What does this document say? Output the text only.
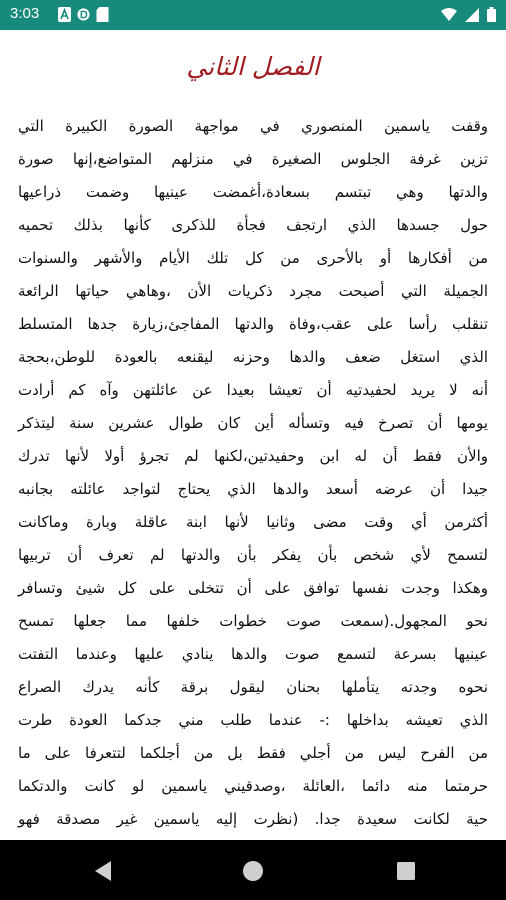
3:03
الفصل الثاني
وقفت ياسمين المنصوري في مواجهة الصورة الكبيرة التي
تزين غرفة الجلوس الصغيرة في منزلهم المتواضع،إنها صورة
والدتها وهي تبتسم بسعادة،أغمضت عينيها وضمت ذراعيها
حول جسدها الذي ارتجف فجأة للذكرى كأنها بذلك تحميه
من أفكارها أو بالأحرى من كل تلك الأيام والأشهر والسنوات
الجميلة التي أصبحت مجرد ذكريات الأن ،وهاهي حياتها الرائعة
تنقلب رأسا على عقب،وفاة والدتها المفاجئ،زيارة جدها المتسلط
الذي استغل ضعف والدها وحزنه ليقنعه بالعودة للوطن،بحجة
أنه لا يريد لحفيدتيه أن تعيشا بعيدا عن عائلتهن وآه كم أرادت
يومها أن تصرخ فيه وتسأله أين كان طوال عشرين سنة ليتذكر
والأن فقط أن له ابن وحفيدتين،لكنها لم تجرؤ أولا لأنها تدرك
جيدا أن عرضه أسعد والدها الذي يحتاج لتواجد عائلته بجانبه
أكثرمن أي وقت مضى وثانيا لأنها ابنة عاقلة وبارة وماكانت
لتسمح لأي شخص بأن يفكر بأن والدتها لم تعرف أن تربيها
وهكذا وجدت نفسها توافق على أن تتخلى على كل شيئ وتسافر
نحو المجهول.(سمعت صوت خطوات خلفها مما جعلها تمسح
عينيها بسرعة لتسمع صوت والدها ينادي عليها وعندما التفتت
نحوه وجدته يتأملها بحنان ليقول برقة كأنه يدرك الصراع
الذي تعيشه بداخلها :- عندما طلب مني جدكما العودة طرت
من الفرح ليس من أجلي فقط بل من أجلكما لتتعرفا على ما
حرمتما منه دائما ،العائلة ،وصدقيني ياسمين لو كانت والدتكما
حية لكانت سعيدة جدا. (نظرت إليه ياسمين غير مصدقة فهو
